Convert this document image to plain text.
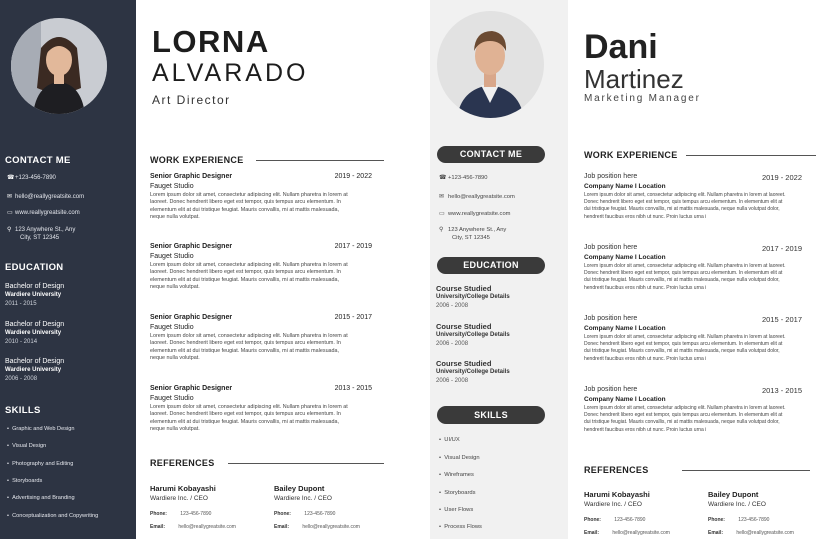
CONTACT ME
☎+123-456-7890
✉ hello@reallygreatsite.com
▭ www.reallygreatsite.com
⚲ 123 Anywhere St., Any
City, ST 12345
EDUCATION
Bachelor of Design
Wardiere University
2011 - 2015
Bachelor of Design
Wardiere University
2010 - 2014
Bachelor of Design
Wardiere University
2006 - 2008
SKILLS
•  Graphic and Web Design
•  Visual Design
•  Photography and Editing
•  Storyboards
•  Advertising and Branding
•  Conceptualization and Copywriting
LORNA
ALVARADO
Art Director
WORK EXPERIENCE
Senior Graphic Designer	2019 - 2022
Fauget Studio
Lorem ipsum dolor sit amet, consectetur adipiscing elit. Nullam pharetra in lorem at
laoreet. Donec hendrerit libero eget est tempor, quis tempus arcu elementum. In
elementum elit at dui tristique feugiat. Mauris convallis, mi at mattis malesuada,
neque nulla volutpat.
Senior Graphic Designer	2017 - 2019
Fauget Studio
Lorem ipsum dolor sit amet, consectetur adipiscing elit. Nullam pharetra in lorem at
laoreet. Donec hendrerit libero eget est tempor, quis tempus arcu elementum. In
elementum elit at dui tristique feugiat. Mauris convallis, mi at mattis malesuada,
neque nulla volutpat.
Senior Graphic Designer	2015 - 2017
Fauget Studio
Lorem ipsum dolor sit amet, consectetur adipiscing elit. Nullam pharetra in lorem at
laoreet. Donec hendrerit libero eget est tempor, quis tempus arcu elementum. In
elementum elit at dui tristique feugiat. Mauris convallis, mi at mattis malesuada,
neque nulla volutpat.
Senior Graphic Designer	2013 - 2015
Fauget Studio
Lorem ipsum dolor sit amet, consectetur adipiscing elit. Nullam pharetra in lorem at
laoreet. Donec hendrerit libero eget est tempor, quis tempus arcu elementum. In
elementum elit at dui tristique feugiat. Mauris convallis, mi at mattis malesuada,
neque nulla volutpat.
REFERENCES
Harumi Kobayashi
Wardiere Inc. / CEO
Phone:	123-456-7890
Email:	hello@reallygreatsite.com
Bailey Dupont
Wardiere Inc. / CEO
Phone:	123-456-7890
Email:	hello@reallygreatsite.com
CONTACT ME
☎ +123-456-7890
✉ hello@reallygreatsite.com
▭ www.reallygreatsite.com
⚲ 123 Anywhere St., Any
City, ST 12345
EDUCATION
Course Studied
University/College Details
2006 - 2008
Course Studied
University/College Details
2006 - 2008
Course Studied
University/College Details
2006 - 2008
SKILLS
•  UI/UX
•  Visual Design
•  Wireframes
•  Storyboards
•  User Flows
•  Process Flows
Dani
Martinez
Marketing Manager
WORK EXPERIENCE
Job position here	2019 - 2022
Company Name I Location
Lorem ipsum dolor sit amet, consectetur adipiscing elit. Nullam pharetra in lorem at laoreet.
Donec hendrerit libero eget est tempor, quis tempus arcu elementum. In elementum elit at
dui tristique feugiat. Mauris convallis, mi at mattis malesuada, neque nulla volutpat dolor,
hendrerit faucibus eros nibh ut nunc. Proin luctus urna i
Job position here	2017 - 2019
Company Name I Location
Lorem ipsum dolor sit amet, consectetur adipiscing elit. Nullam pharetra in lorem at laoreet.
Donec hendrerit libero eget est tempor, quis tempus arcu elementum. In elementum elit at
dui tristique feugiat. Mauris convallis, mi at mattis malesuada, neque nulla volutpat dolor,
hendrerit faucibus eros nibh ut nunc. Proin luctus urna i
Job position here	2015 - 2017
Company Name I Location
Lorem ipsum dolor sit amet, consectetur adipiscing elit. Nullam pharetra in lorem at laoreet.
Donec hendrerit libero eget est tempor, quis tempus arcu elementum. In elementum elit at
dui tristique feugiat. Mauris convallis, mi at mattis malesuada, neque nulla volutpat dolor,
hendrerit faucibus eros nibh ut nunc. Proin luctus urna i
Job position here	2013 - 2015
Company Name I Location
Lorem ipsum dolor sit amet, consectetur adipiscing elit. Nullam pharetra in lorem at laoreet.
Donec hendrerit libero eget est tempor, quis tempus arcu elementum. In elementum elit at
dui tristique feugiat. Mauris convallis, mi at mattis malesuada, neque nulla volutpat dolor,
hendrerit faucibus eros nibh ut nunc. Proin luctus urna i
REFERENCES
Harumi Kobayashi
Wardiere Inc. / CEO
Phone:	123-456-7890
Email:	hello@reallygreatsite.com
Bailey Dupont
Wardiere Inc. / CEO
Phone:	123-456-7890
Email:	hello@reallygreatsite.com
